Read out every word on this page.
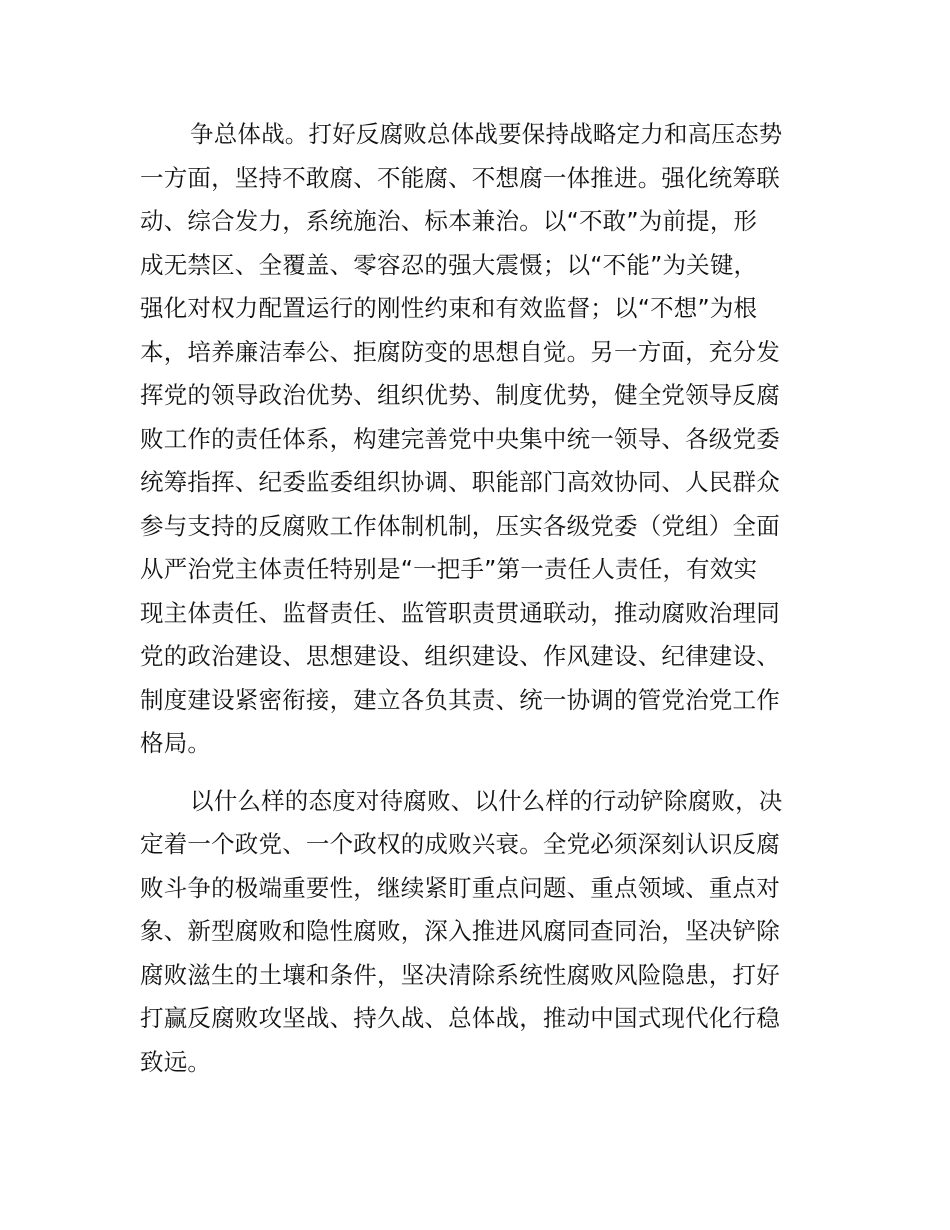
争总体战。打好反腐败总体战要保持战略定力和高压态势
一方面，坚持不敢腐、不能腐、不想腐一体推进。强化统筹联
动、综合发力，系统施治、标本兼治。以“不敢”为前提，形
成无禁区、全覆盖、零容忍的强大震慑；以“不能”为关键，
强化对权力配置运行的刚性约束和有效监督；以“不想”为根
本，培养廉洁奉公、拒腐防变的思想自觉。另一方面，充分发
挥党的领导政治优势、组织优势、制度优势，健全党领导反腐
败工作的责任体系，构建完善党中央集中统一领导、各级党委
统筹指挥、纪委监委组织协调、职能部门高效协同、人民群众
参与支持的反腐败工作体制机制，压实各级党委（党组）全面
从严治党主体责任特别是“一把手”第一责任人责任，有效实
现主体责任、监督责任、监管职责贯通联动，推动腐败治理同
党的政治建设、思想建设、组织建设、作风建设、纪律建设、
制度建设紧密衔接，建立各负其责、统一协调的管党治党工作
格局。
以什么样的态度对待腐败、以什么样的行动铲除腐败，决
定着一个政党、一个政权的成败兴衰。全党必须深刻认识反腐
败斗争的极端重要性，继续紧盯重点问题、重点领域、重点对
象、新型腐败和隐性腐败，深入推进风腐同查同治，坚决铲除
腐败滋生的土壤和条件，坚决清除系统性腐败风险隐患，打好
打赢反腐败攻坚战、持久战、总体战，推动中国式现代化行稳
致远。
